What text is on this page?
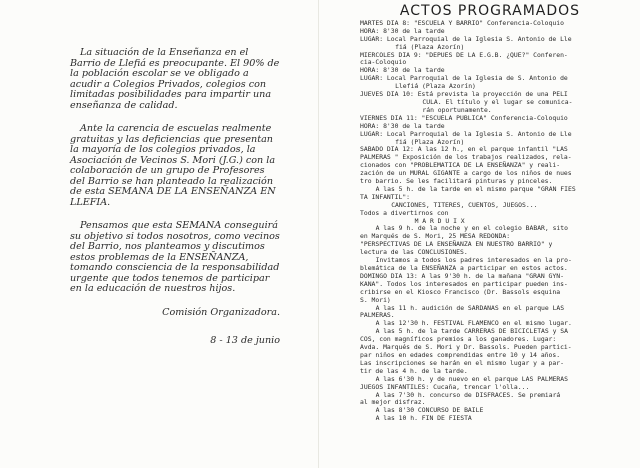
La situación de la Enseñanza en el Barrio de Llefiá es preocupante. El 90% de la población escolar se ve obligado a acudir a Colegios Privados, colegios con limitadas posibilidades para impartir una enseñanza de calidad.

Ante la carencia de escuelas realmente gratuitas y las deficiencias que presentan la mayoría de los colegios privados, la Asociación de Vecinos S. Mori (J.G.) con la colaboración de un grupo de Profesores del Barrio se han planteado la realización de esta SEMANA DE LA ENSEÑANZA EN LLEFIA.

Pensamos que esta SEMANA conseguirá su objetivo si todos nosotros, como vecinos del Barrio, nos planteamos y discutimos estos problemas de la ENSEÑANZA, tomando consciencia de la responsabilidad urgente que todos tenemos de participar en la educación de nuestros hijos.

Comisión Organizadora.

8 - 13 de junio

ACTOS PROGRAMADOS
MARTES DIA 8: "ESCUELA Y BARRIO" Conferencia-Coloquio
HORA: 8'30 de la tarde
LUGAR: Local Parroquial de la Iglesia S. Antonio de Lle
fiá (Plaza Azorín)
MIERCOLES DIA 9: "DEPUES DE LA E.G.B. ¿QUE?" Conferen-
cia-Coloquio
HORA: 8'30 de la tarde
LUGAR: Local Parroquial de la Iglesia de S. Antonio de
Llefiá (Plaza Azorín)
JUEVES DIA 10: Está prevista la proyección de una PELI
CULA. El título y el lugar se comunica-
rán oportunamente.
VIERNES DIA 11: "ESCUELA PUBLICA" Conferencia-Coloquio
HORA: 8'30 de la tarde
LUGAR: Local Parroquial de la Iglesia S. Antonio de Lle
fiá (Plaza Azorín)
SABADO DIA 12: A las 12 h., en el parque infantil "LAS
PALMERAS " Exposición de los trabajos realizados, rela-
cionados con "PROBLEMATICA DE LA ENSEÑANZA" y reali-
zación de un MURAL GIGANTE a cargo de los niños de nues
tro barrio. Se les facilitará pinturas y pinceles.
A las 5 h. de la tarde en el mismo parque "GRAN FIES
TA INFANTIL":
CANCIONES, TITERES, CUENTOS, JUEGOS...
Todos a divertirnos con
M A R D U I X
A las 9 h. de la noche y en el colegio BABAR, sito
en Marqués de S. Mori, 25 MESA REDONDA:
"PERSPECTIVAS DE LA ENSEÑANZA EN NUESTRO BARRIO" y
lectura de las CONCLUSIONES.
Invitamos a todos los padres interesados en la pro-
blemática de la ENSEÑANZA a participar en estos actos.
DOMINGO DIA 13: A las 9'30 h. de la mañana "GRAN GYN-
KANA". Todos los interesados en participar pueden ins-
cribirse en el Kiosco Francisco (Dr. Bassols esquina
S. Mori)
A las 11 h. audición de SARDANAS en el parque LAS
PALMERAS.
A las 12'30 h. FESTIVAL FLAMENCO en el mismo lugar.
A las 5 h. de la tarde CARRERAS DE BICICLETAS y SA
COS, con magníficos premios a los ganadores. Lugar:
Avda. Marqués de S. Mori y Dr. Bassols. Pueden partici-
par niños en edades comprendidas entre 10 y 14 años.
Las inscripciones se harán en el mismo lugar y a par-
tir de las 4 h. de la tarde.
A las 6'30 h. y de nuevo en el parque LAS PALMERAS
JUEGOS INFANTILES: Cucaña, trencar l'olla...
A las 7'30 h. concurso de DISFRACES. Se premiará
al mejor disfraz.
A las 8'30 CONCURSO DE BAILE
A las 10 h. FIN DE FIESTA
